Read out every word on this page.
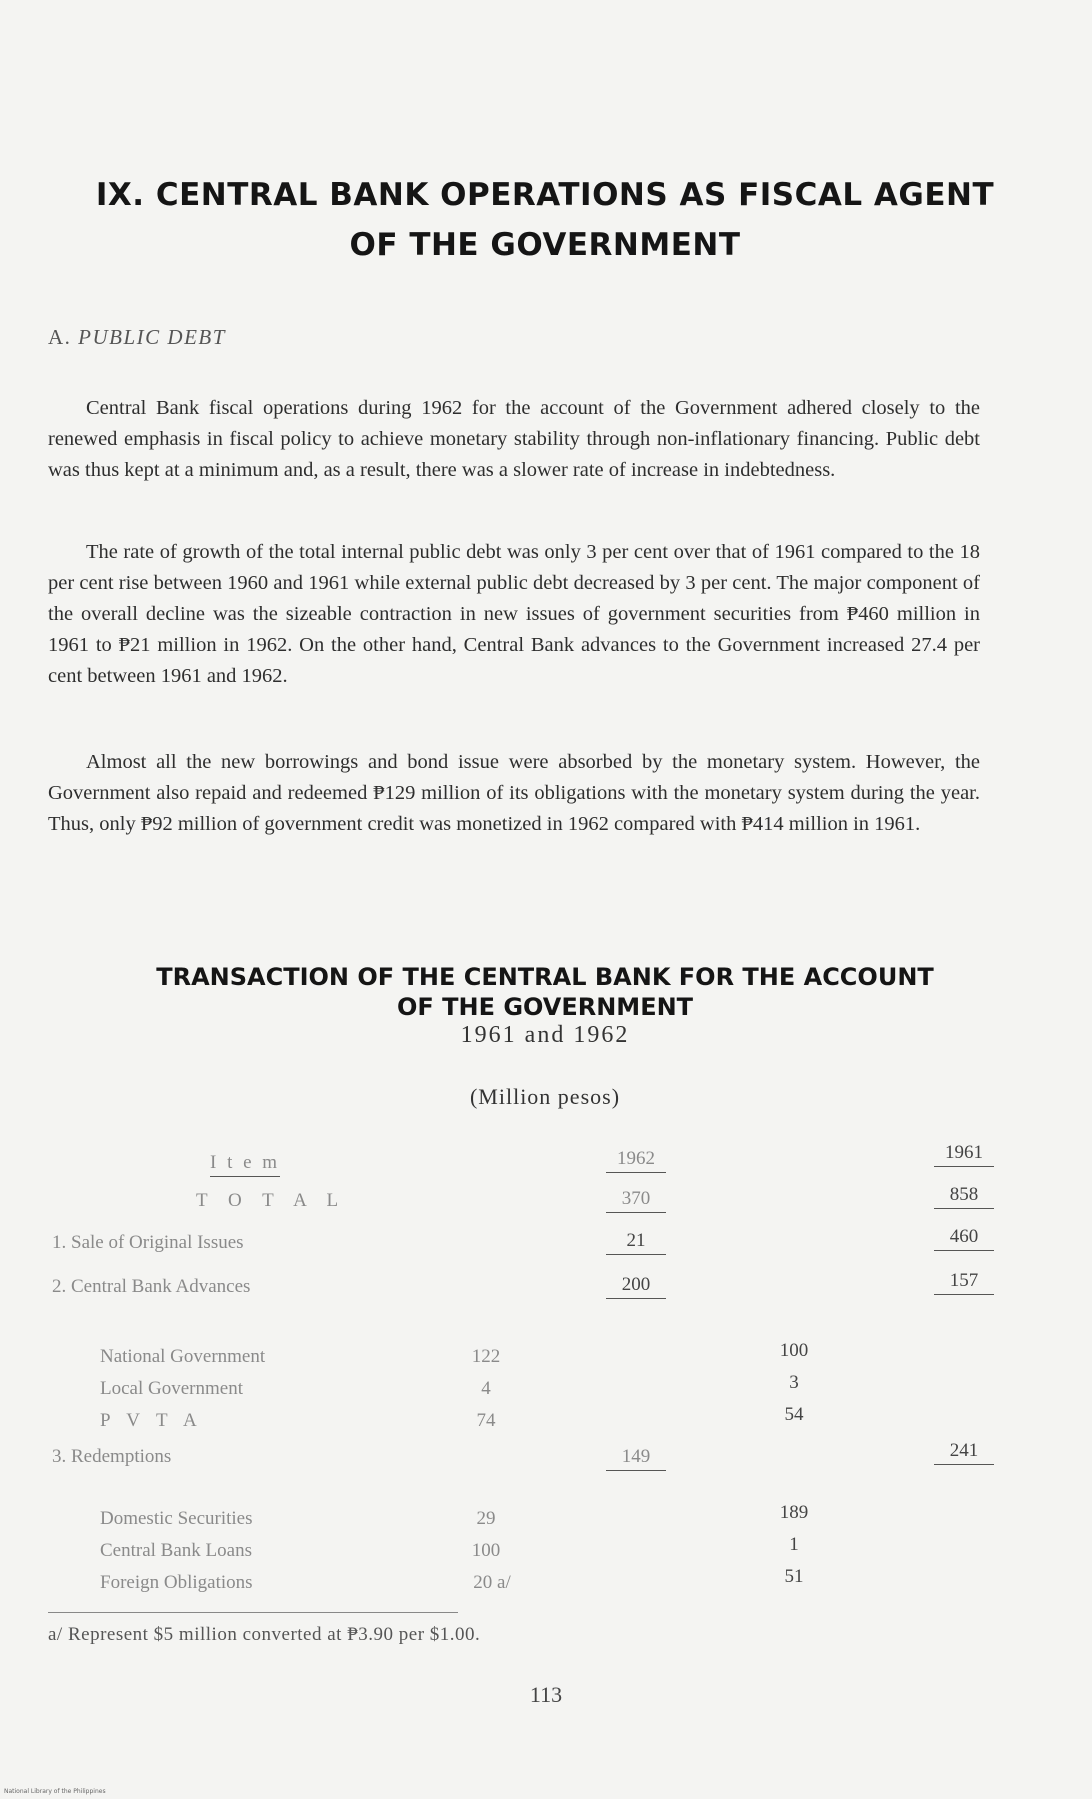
IX. CENTRAL BANK OPERATIONS AS FISCAL AGENT
OF THE GOVERNMENT
A. PUBLIC DEBT
Central Bank fiscal operations during 1962 for the account of the Government adhered closely to the renewed emphasis in fiscal policy to achieve monetary stability through non-inflationary financing. Public debt was thus kept at a minimum and, as a result, there was a slower rate of increase in indebtedness.
The rate of growth of the total internal public debt was only 3 per cent over that of 1961 compared to the 18 per cent rise between 1960 and 1961 while external public debt decreased by 3 per cent. The major component of the overall decline was the sizeable contraction in new issues of government securities from ₱460 million in 1961 to ₱21 million in 1962. On the other hand, Central Bank advances to the Government increased 27.4 per cent between 1961 and 1962.
Almost all the new borrowings and bond issue were absorbed by the monetary system. However, the Government also repaid and redeemed ₱129 million of its obligations with the monetary system during the year. Thus, only ₱92 million of government credit was monetized in 1962 compared with ₱414 million in 1961.
TRANSACTION OF THE CENTRAL BANK FOR THE ACCOUNT
OF THE GOVERNMENT
1961 and 1962
(Million pesos)
I t e m	1962	1961
T O T A L	370	858
1. Sale of Original Issues	21	460
2. Central Bank Advances	200	157
National Government	122	100
Local Government	4	3
P V T A	74	54
3. Redemptions	149	241
Domestic Securities	29	189
Central Bank Loans	100	1
Foreign Obligations	20 a/	51
a/ Represent $5 million converted at ₱3.90 per $1.00.
113
National Library of the Philippines
